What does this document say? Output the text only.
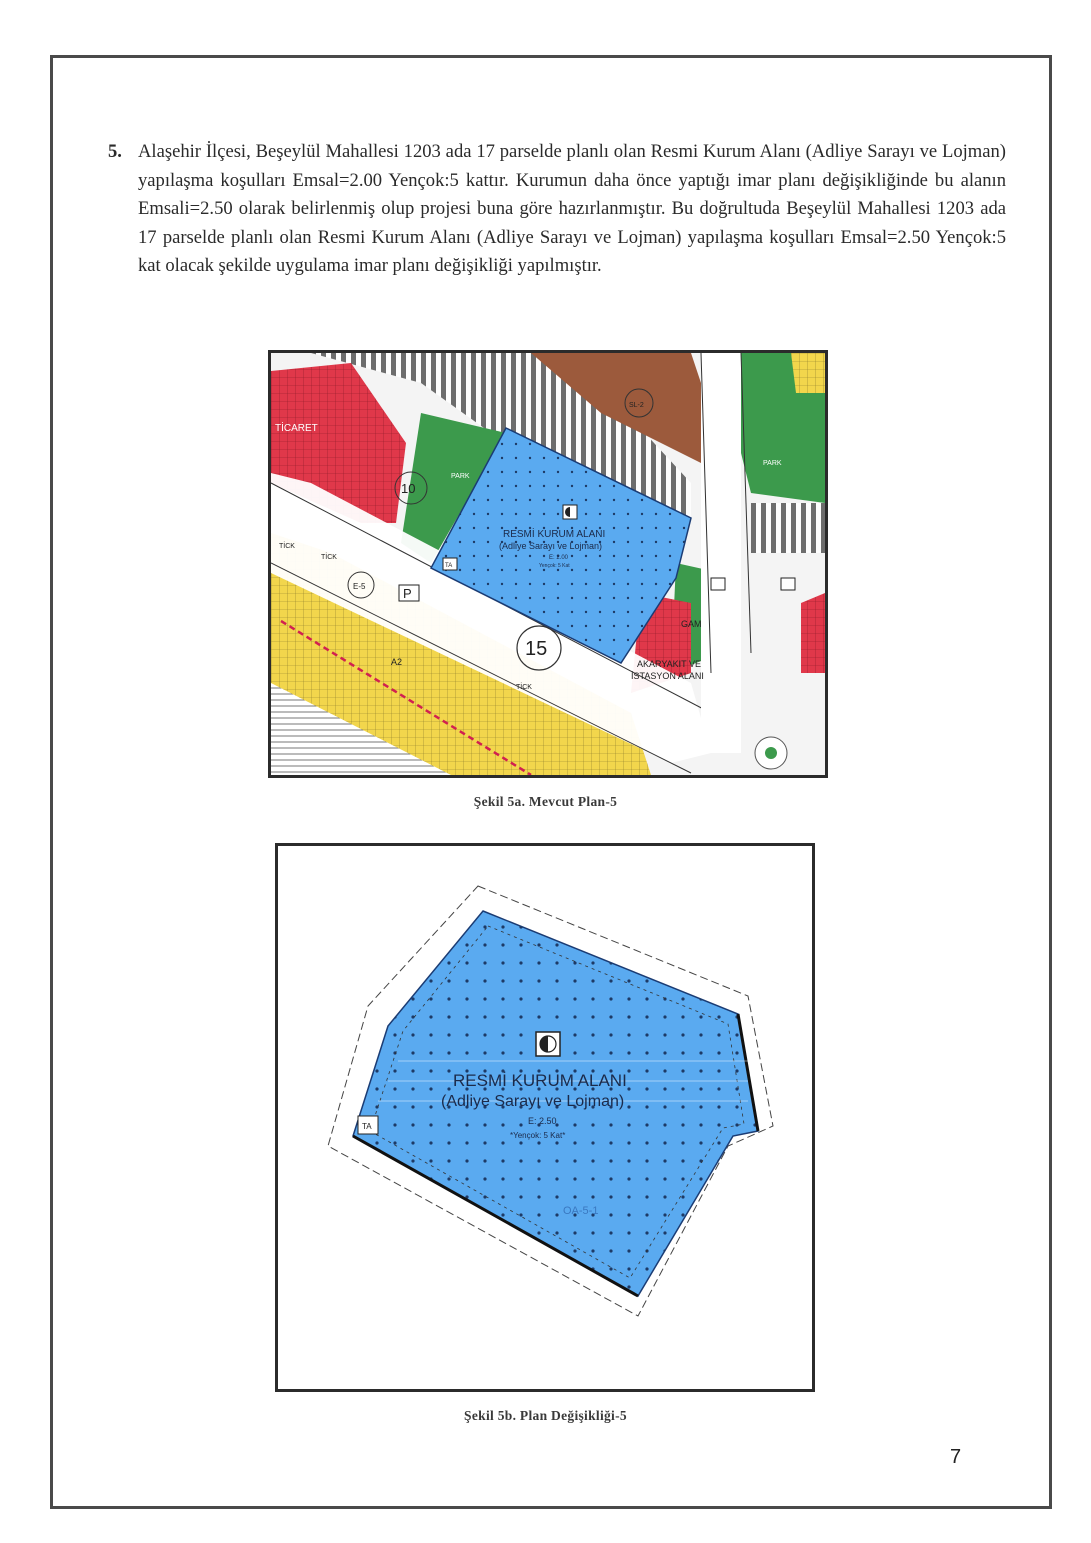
5. Alaşehir İlçesi, Beşeylül Mahallesi 1203 ada 17 parselde planlı olan Resmi Kurum Alanı (Adliye Sarayı ve Lojman) yapılaşma koşulları Emsal=2.00 Yençok:5 kattır. Kurumun daha önce yaptığı imar planı değişikliğinde bu alanın Emsali=2.50 olarak belirlenmiş olup projesi buna göre hazırlanmıştır. Bu doğrultuda Beşeylül Mahallesi 1203 ada 17 parselde planlı olan Resmi Kurum Alanı (Adliye Sarayı ve Lojman) yapılaşma koşulları Emsal=2.50 Yençok:5 kat olacak şekilde uygulama imar planı değişikliği yapılmıştır.
TİCARET
PARK
PARK
10
15
P
A2
TİCK
TİCK
TİCK
E-5
GAM
AKARYAKIT VE
İSTASYON ALANI
TA
SL-2
RESMİ KURUM ALANI
(Adliye Sarayı ve Lojman)
E: 2.00
Yençok: 5 Kat
Şekil 5a. Mevcut Plan-5
TA
RESMİ KURUM ALANI
(Adliye Sarayı ve Lojman)
E: 2.50
*Yençok: 5 Kat*
OA-5-1
Şekil 5b. Plan Değişikliği-5
7
